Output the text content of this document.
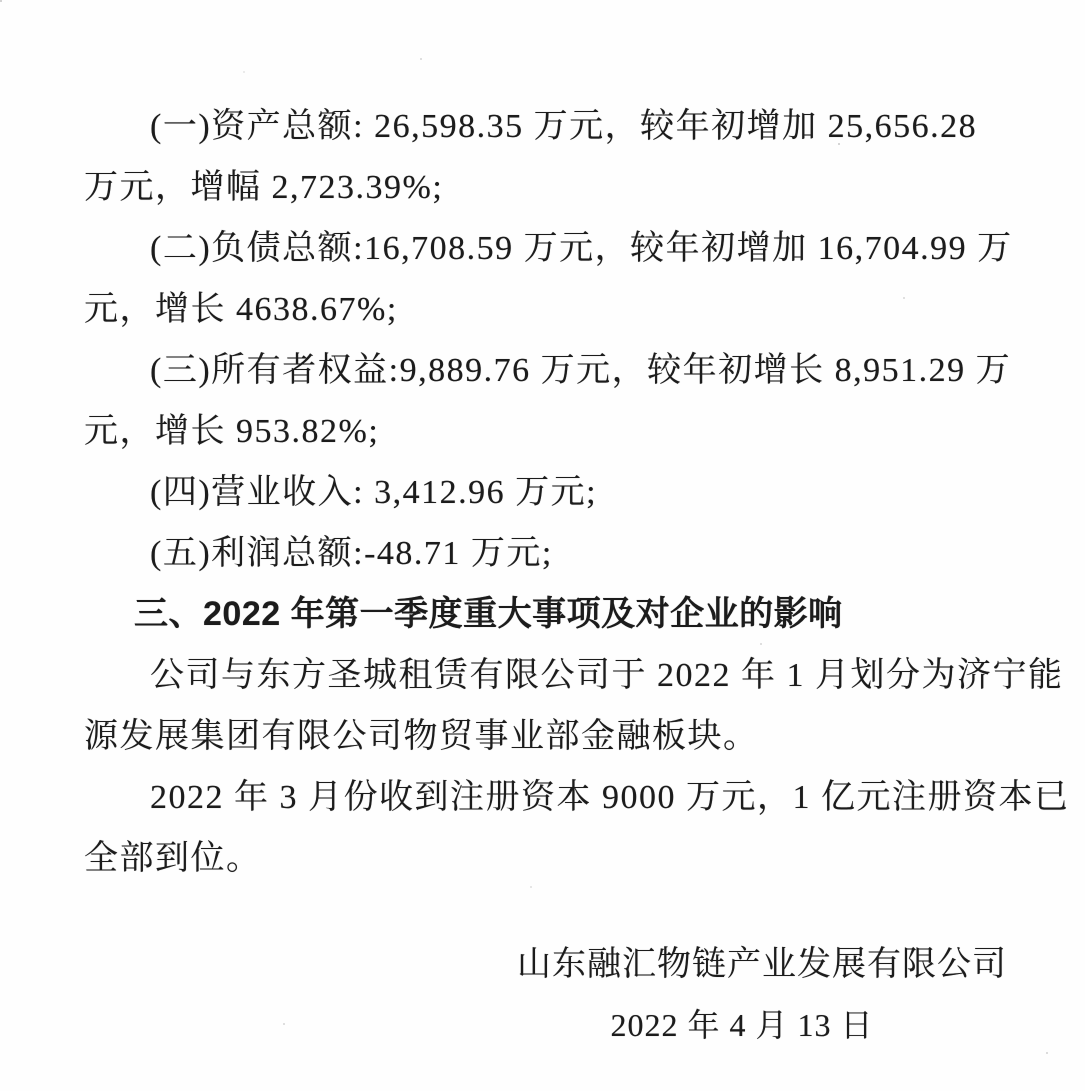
(一)资产总额: 26,598.35 万元，较年初增加 25,656.28
万元，增幅 2,723.39%;
(二)负债总额:16,708.59 万元，较年初增加 16,704.99 万
元，增长 4638.67%;
(三)所有者权益:9,889.76 万元，较年初增长 8,951.29 万
元，增长 953.82%;
(四)营业收入: 3,412.96 万元;
(五)利润总额:-48.71 万元;
三、2022 年第一季度重大事项及对企业的影响
公司与东方圣城租赁有限公司于 2022 年 1 月划分为济宁能
源发展集团有限公司物贸事业部金融板块。
2022 年 3 月份收到注册资本 9000 万元，1 亿元注册资本已
全部到位。
山东融汇物链产业发展有限公司
2022 年 4 月 13 日
